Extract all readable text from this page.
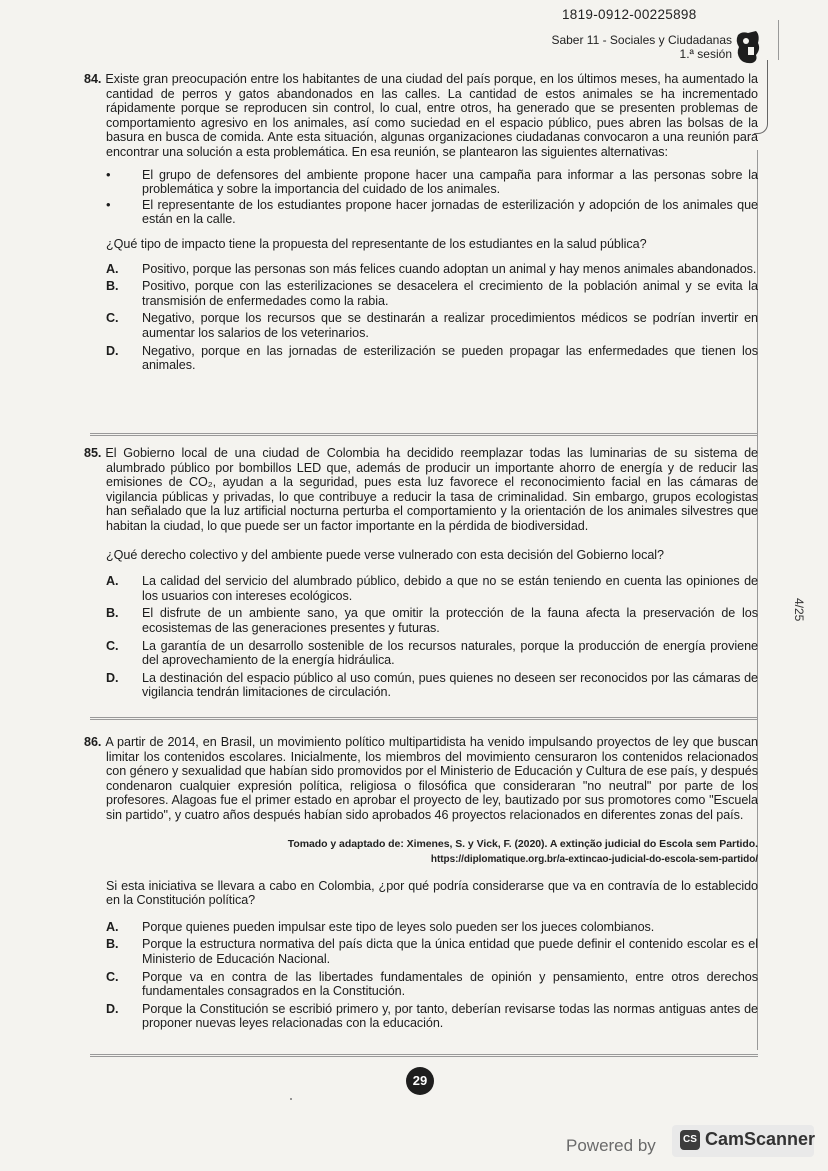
1819-0912-00225898
Saber 11 - Sociales y Ciudadanas
1.ª sesión
84. Existe gran preocupación entre los habitantes de una ciudad del país porque, en los últimos meses, ha aumentado la cantidad de perros y gatos abandonados en las calles. La cantidad de estos animales se ha incrementado rápidamente porque se reproducen sin control, lo cual, entre otros, ha generado que se presenten problemas de comportamiento agresivo en los animales, así como suciedad en el espacio público, pues abren las bolsas de la basura en busca de comida. Ante esta situación, algunas organizaciones ciudadanas convocaron a una reunión para encontrar una solución a esta problemática. En esa reunión, se plantearon las siguientes alternativas:
• El grupo de defensores del ambiente propone hacer una campaña para informar a las personas sobre la problemática y sobre la importancia del cuidado de los animales.
• El representante de los estudiantes propone hacer jornadas de esterilización y adopción de los animales que están en la calle.
¿Qué tipo de impacto tiene la propuesta del representante de los estudiantes en la salud pública?
A.	Positivo, porque las personas son más felices cuando adoptan un animal y hay menos animales abandonados.
B.	Positivo, porque con las esterilizaciones se desacelera el crecimiento de la población animal y se evita la transmisión de enfermedades como la rabia.
C.	Negativo, porque los recursos que se destinarán a realizar procedimientos médicos se podrían invertir en aumentar los salarios de los veterinarios.
D.	Negativo, porque en las jornadas de esterilización se pueden propagar las enfermedades que tienen los animales.
85. El Gobierno local de una ciudad de Colombia ha decidido reemplazar todas las luminarias de su sistema de alumbrado público por bombillos LED que, además de producir un importante ahorro de energía y de reducir las emisiones de CO₂, ayudan a la seguridad, pues esta luz favorece el reconocimiento facial en las cámaras de vigilancia públicas y privadas, lo que contribuye a reducir la tasa de criminalidad. Sin embargo, grupos ecologistas han señalado que la luz artificial nocturna perturba el comportamiento y la orientación de los animales silvestres que habitan la ciudad, lo que puede ser un factor importante en la pérdida de biodiversidad.
¿Qué derecho colectivo y del ambiente puede verse vulnerado con esta decisión del Gobierno local?
A.	La calidad del servicio del alumbrado público, debido a que no se están teniendo en cuenta las opiniones de los usuarios con intereses ecológicos.
B.	El disfrute de un ambiente sano, ya que omitir la protección de la fauna afecta la preservación de los ecosistemas de las generaciones presentes y futuras.
C.	La garantía de un desarrollo sostenible de los recursos naturales, porque la producción de energía proviene del aprovechamiento de la energía hidráulica.
D.	La destinación del espacio público al uso común, pues quienes no deseen ser reconocidos por las cámaras de vigilancia tendrán limitaciones de circulación.
86. A partir de 2014, en Brasil, un movimiento político multipartidista ha venido impulsando proyectos de ley que buscan limitar los contenidos escolares. Inicialmente, los miembros del movimiento censuraron los contenidos relacionados con género y sexualidad que habían sido promovidos por el Ministerio de Educación y Cultura de ese país, y después condenaron cualquier expresión política, religiosa o filosófica que consideraran "no neutral" por parte de los profesores. Alagoas fue el primer estado en aprobar el proyecto de ley, bautizado por sus promotores como "Escuela sin partido", y cuatro años después habían sido aprobados 46 proyectos relacionados en diferentes zonas del país.
Tomado y adaptado de: Ximenes, S. y Vick, F. (2020). A extinção judicial do Escola sem Partido.
https://diplomatique.org.br/a-extincao-judicial-do-escola-sem-partido/
Si esta iniciativa se llevara a cabo en Colombia, ¿por qué podría considerarse que va en contravía de lo establecido en la Constitución política?
A.	Porque quienes pueden impulsar este tipo de leyes solo pueden ser los jueces colombianos.
B.	Porque la estructura normativa del país dicta que la única entidad que puede definir el contenido escolar es el Ministerio de Educación Nacional.
C.	Porque va en contra de las libertades fundamentales de opinión y pensamiento, entre otros derechos fundamentales consagrados en la Constitución.
D.	Porque la Constitución se escribió primero y, por tanto, deberían revisarse todas las normas antiguas antes de proponer nuevas leyes relacionadas con la educación.
29
4/25
Powered by	CS CamScanner
